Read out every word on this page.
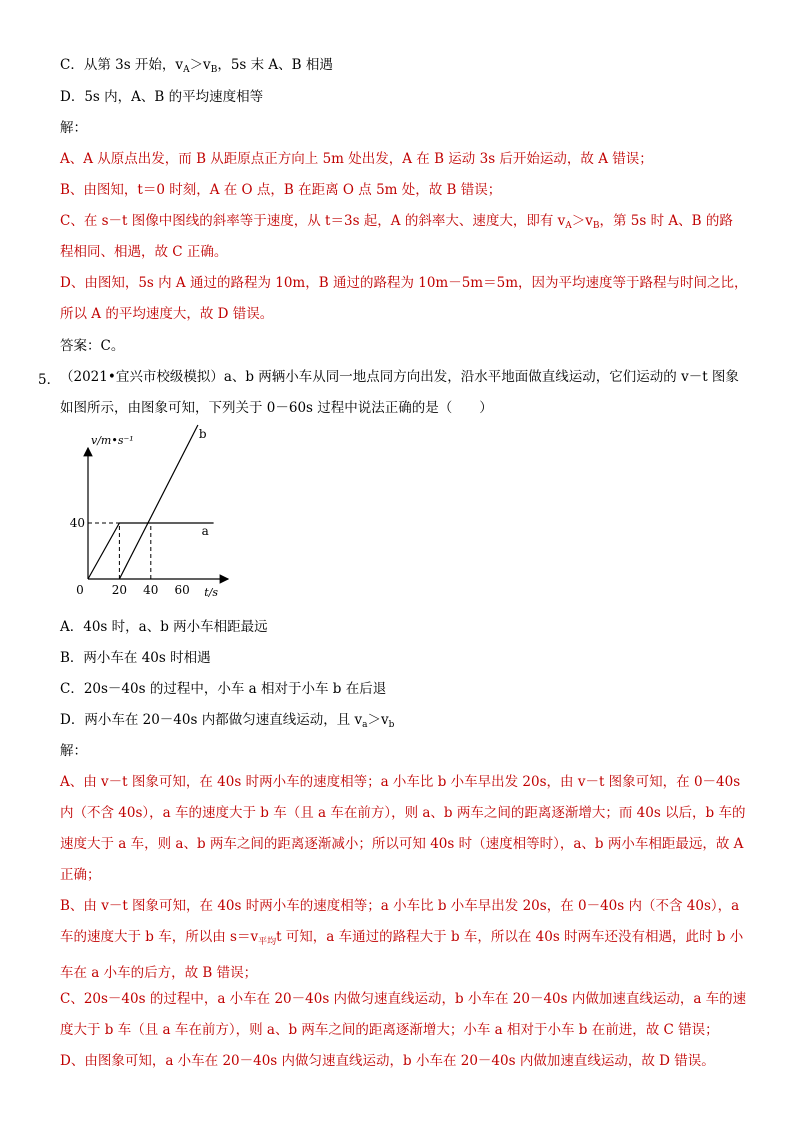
C．从第 3s 开始，$v_A>v_B$，5s 末 A、B 相遇
D．5s 内，A、B 的平均速度相等
解：
A、A 从原点出发，而 B 从距原点正方向上 5m 处出发，A 在 B 运动 3s 后开始运动，故 A 错误；
B、由图知，t＝0 时刻，A 在 O 点，B 在距离 O 点 5m 处，故 B 错误；
C、在 s－t 图像中图线的斜率等于速度，从 t＝3s 起，A 的斜率大、速度大，即有 $v_A>v_B$，第 5s 时 A、B 的路
程相同、相遇，故 C 正确。
D、由图知，5s 内 A 通过的路程为 10m，B 通过的路程为 10m－5m＝5m，因为平均速度等于路程与时间之比，
所以 A 的平均速度大，故 D 错误。
答案：C。
5． （2021•宜兴市校级模拟）a、b 两辆小车从同一地点同方向出发，沿水平地面做直线运动，它们运动的 v－t 图象
如图所示，由图象可知，下列关于 0－60s 过程中说法正确的是（　　）
a
b
0 20 40 60
40
v/m•s⁻¹
t/s
A．40s 时，a、b 两小车相距最远
B．两小车在 40s 时相遇
C．20s－40s 的过程中，小车 a 相对于小车 b 在后退
D．两小车在 20－40s 内都做匀速直线运动，且 $v_a>v_b$
解：
A、由 v－t 图象可知，在 40s 时两小车的速度相等；a 小车比 b 小车早出发 20s，由 v－t 图象可知，在 0－40s 内（不含 40s），a 车的速度大于 b 车（且 a 车在前方），则 a、b 两车之间的距离逐渐增大；而 40s 以后，b 车的速度大于 a 车，则 a、b 两车之间的距离逐渐减小；所以可知 40s 时（速度相等时），a、b 两小车相距最远，故 A 正确；
B、由 v－t 图象可知，在 40s 时两小车的速度相等；a 小车比 b 小车早出发 20s，在 0－40s 内（不含 40s），a 车的速度大于 b 车，所以由 $s=v_{平均}t$ 可知，a 车通过的路程大于 b 车，所以在 40s 时两车还没有相遇，此时 b 小车在 a 小车的后方，故 B 错误；
C、20s－40s 的过程中，a 小车在 20－40s 内做匀速直线运动，b 小车在 20－40s 内做加速直线运动，a 车的速度大于 b 车（且 a 车在前方），则 a、b 两车之间的距离逐渐增大；小车 a 相对于小车 b 在前进，故 C 错误；
D、由图象可知，a 小车在 20－40s 内做匀速直线运动，b 小车在 20－40s 内做加速直线运动，故 D 错误。
